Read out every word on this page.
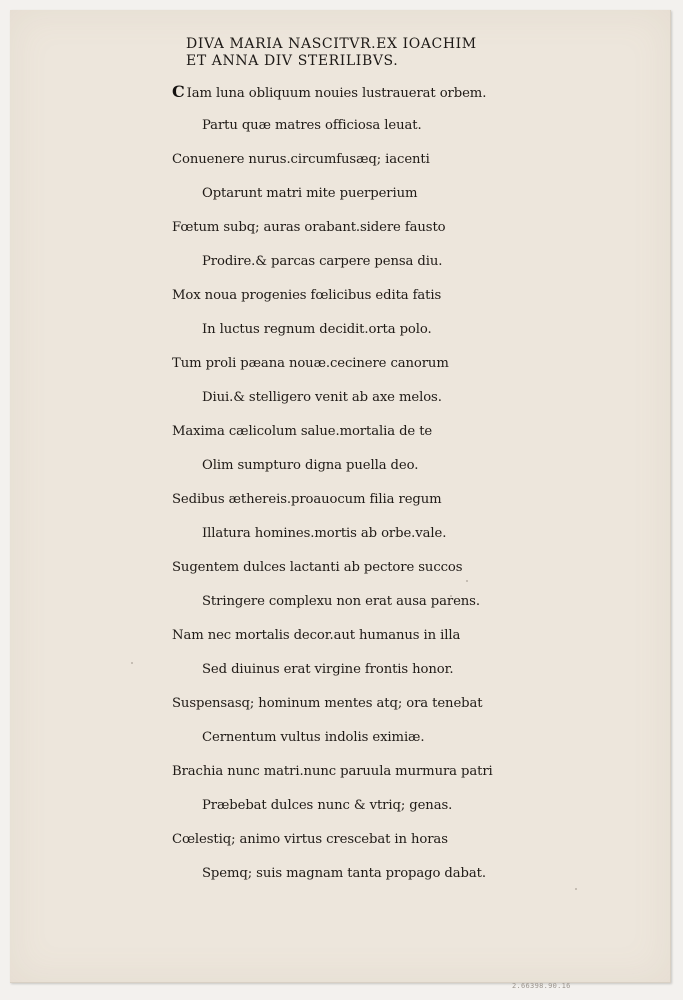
DIVA MARIA NASCITVR.EX IOACHIM
ET ANNA DIV STERILIBVS.
C Iam luna obliquum nouies lustrauerat orbem.
Partu quæ matres officiosa leuat.
Conuenere nurus.circumfusæq; iacenti
Optarunt matri mite puerperium
Fœtum subq; auras orabant.sidere fausto
Prodire.& parcas carpere pensa diu.
Mox noua progenies fœlicibus edita fatis
In luctus regnum decidit.orta polo.
Tum proli pæana nouæ.cecinere canorum
Diui.& stelligero venit ab axe melos.
Maxima cælicolum salue.mortalia de te
Olim sumpturo digna puella deo.
Sedibus æthereis.proauocum filia regum
Illatura homines.mortis ab orbe.vale.
Sugentem dulces lactanti ab pectore succos
Stringere complexu non erat ausa parens.
Nam nec mortalis decor.aut humanus in illa
Sed diuinus erat virgine frontis honor.
Suspensasq; hominum mentes atq; ora tenebat
Cernentum vultus indolis eximiæ.
Brachia nunc matri.nunc paruula murmura patri
Præbebat dulces nunc & vtriq; genas.
Cœlestiq; animo virtus crescebat in horas
Spemq; suis magnam tanta propago dabat.
2.66398.90.16
